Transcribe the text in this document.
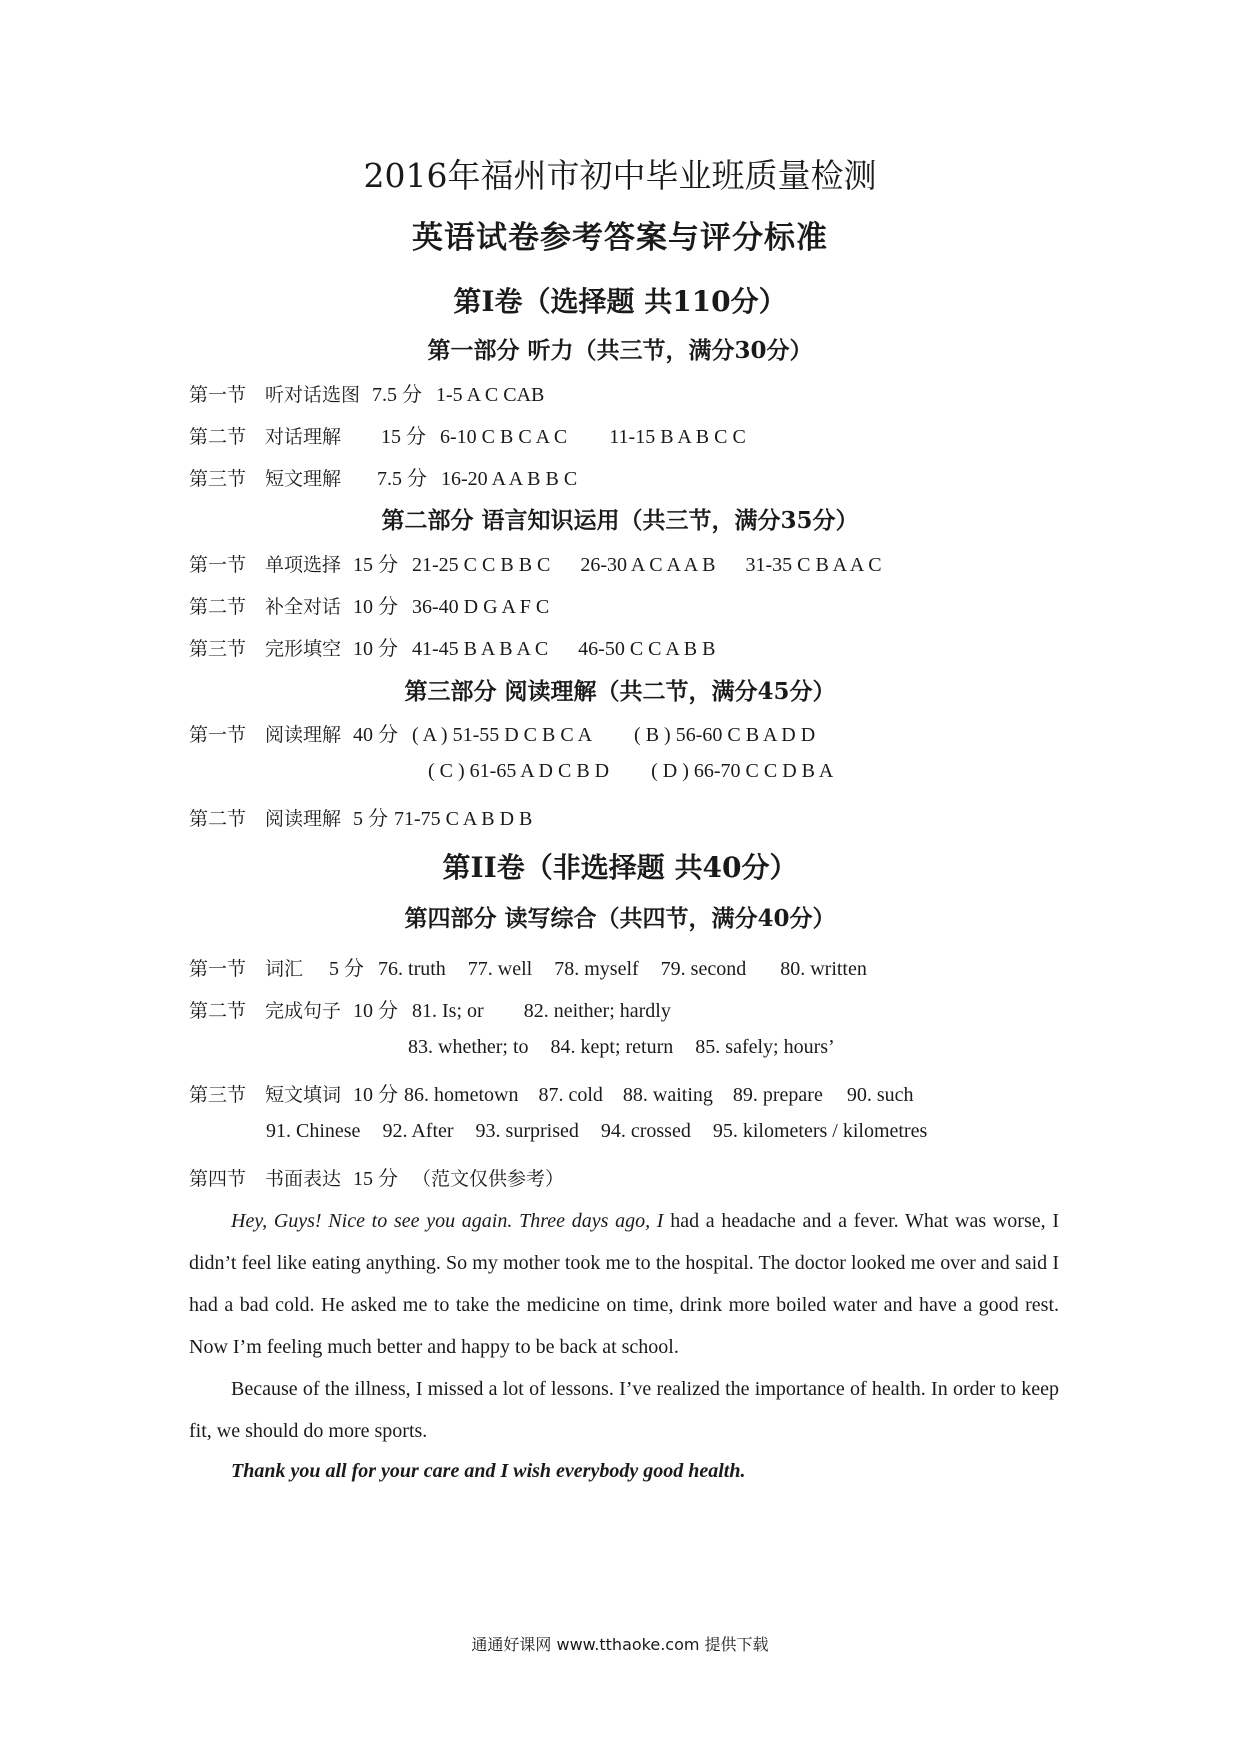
2016年福州市初中毕业班质量检测
英语试卷参考答案与评分标准
第I卷（选择题 共110分）
第一部分 听力（共三节，满分30分）
第一节 听对话选图 7.5 分 1-5 A C CAB
第二节 对话理解 15 分 6-10 C B C A C 11-15 B A B C C
第三节 短文理解 7.5 分 16-20 A A B B C
第二部分 语言知识运用（共三节，满分35分）
第一节 单项选择 15 分 21-25 C C B B C 26-30 A C A A B 31-35 C B A A C
第二节 补全对话 10 分 36-40 D G A F C
第三节 完形填空 10 分 41-45 B A B A C 46-50 C C A B B
第三部分 阅读理解（共二节，满分45分）
第一节 阅读理解 40 分 ( A ) 51-55 D C B C A ( B ) 56-60 C B A D D
( C ) 61-65 A D C B D ( D ) 66-70 C C D B A
第二节 阅读理解 5 分 71-75 C A B D B
第II卷（非选择题 共40分）
第四部分 读写综合（共四节，满分40分）
第一节 词汇 5 分 76. truth 77. well 78. myself 79. second 80. written
第二节 完成句子 10 分 81. Is; or 82. neither; hardly
83. whether; to 84. kept; return 85. safely; hours’
第三节 短文填词 10 分 86. hometown 87. cold 88. waiting 89. prepare 90. such
91. Chinese 92. After 93. surprised 94. crossed 95. kilometers / kilometres
第四节 书面表达 15 分 （范文仅供参考）

Hey, Guys! Nice to see you again. Three days ago, I had a headache and a fever. What was worse, I didn’t feel like eating anything. So my mother took me to the hospital. The doctor looked me over and said I had a bad cold. He asked me to take the medicine on time, drink more boiled water and have a good rest. Now I’m feeling much better and happy to be back at school.

Because of the illness, I missed a lot of lessons. I’ve realized the importance of health. In order to keep fit, we should do more sports.

Thank you all for your care and I wish everybody good health.
通通好课网 www.tthaoke.com 提供下载
